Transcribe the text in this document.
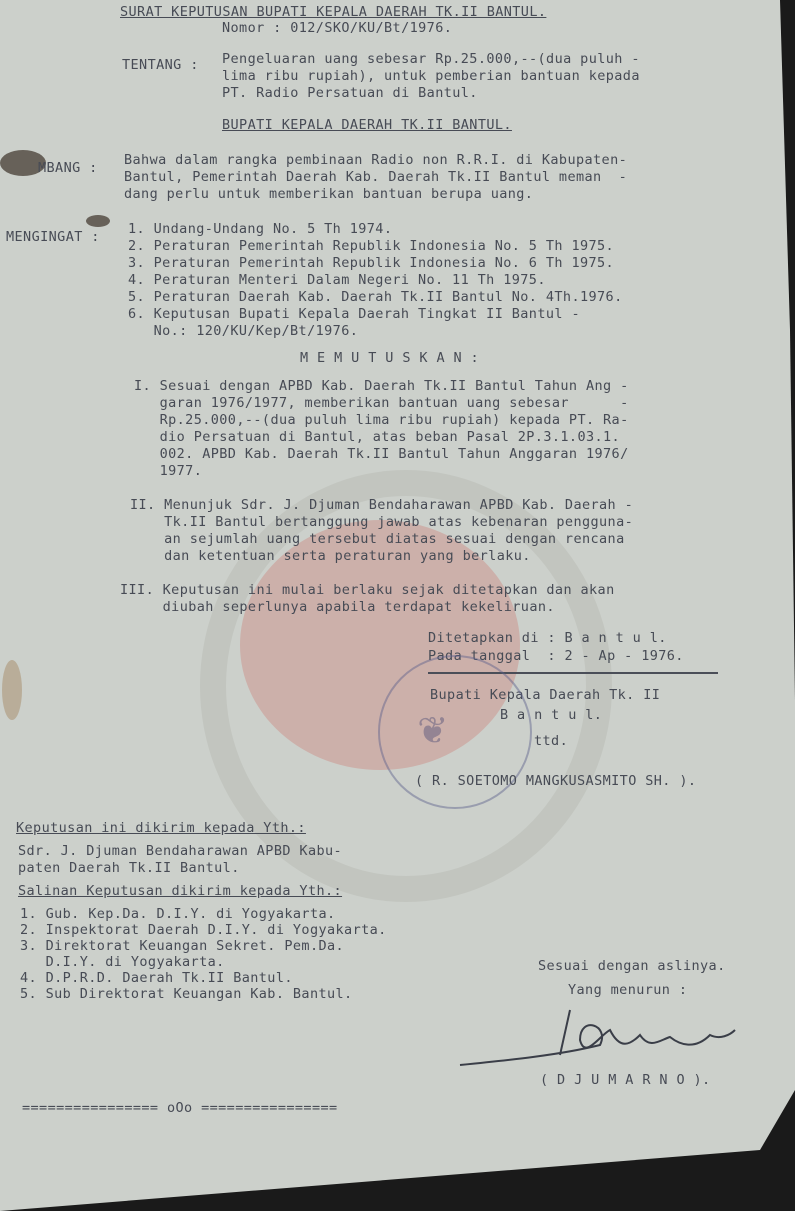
SURAT KEPUTUSAN BUPATI KEPALA DAERAH TK.II BANTUL.
Nomor : 012/SKO/KU/Bt/1976.
TENTANG : Pengeluaran uang sebesar Rp.25.000,--(dua puluh -
lima ribu rupiah), untuk pemberian bantuan kepada
PT. Radio Persatuan di Bantul.
BUPATI KEPALA DAERAH TK.II BANTUL.
MBANG : Bahwa dalam rangka pembinaan Radio non R.R.I. di Kabupaten-
Bantul, Pemerintah Daerah Kab. Daerah Tk.II Bantul meman  -
dang perlu untuk memberikan bantuan berupa uang.
MENGINGAT : 1. Undang-Undang No. 5 Th 1974.
2. Peraturan Pemerintah Republik Indonesia No. 5 Th 1975.
3. Peraturan Pemerintah Republik Indonesia No. 6 Th 1975.
4. Peraturan Menteri Dalam Negeri No. 11 Th 1975.
5. Peraturan Daerah Kab. Daerah Tk.II Bantul No. 4Th.1976.
6. Keputusan Bupati Kepala Daerah Tingkat II Bantul -
No.: 120/KU/Kep/Bt/1976.
M E M U T U S K A N :
I. Sesuai dengan APBD Kab. Daerah Tk.II Bantul Tahun Ang -
garan 1976/1977, memberikan bantuan uang sebesar      -
Rp.25.000,--(dua puluh lima ribu rupiah) kepada PT. Ra-
dio Persatuan di Bantul, atas beban Pasal 2P.3.1.03.1.
002. APBD Kab. Daerah Tk.II Bantul Tahun Anggaran 1976/
1977.
II. Menunjuk Sdr. J. Djuman Bendaharawan APBD Kab. Daerah -
Tk.II Bantul bertanggung jawab atas kebenaran pengguna-
an sejumlah uang tersebut diatas sesuai dengan rencana
dan ketentuan serta peraturan yang berlaku.
III. Keputusan ini mulai berlaku sejak ditetapkan dan akan
diubah seperlunya apabila terdapat kekeliruan.
Ditetapkan di : B a n t u l.
Pada tanggal  : 2 - Ap - 1976.
Bupati Kepala Daerah Tk. II
B a n t u l.
ttd.
❦
( R. SOETOMO MANGKUSASMITO SH. ).
Keputusan ini dikirim kepada Yth.:
Sdr. J. Djuman Bendaharawan APBD Kabu-
paten Daerah Tk.II Bantul.
Salinan Keputusan dikirim kepada Yth.:
1. Gub. Kep.Da. D.I.Y. di Yogyakarta.
2. Inspektorat Daerah D.I.Y. di Yogyakarta.
3. Direktorat Keuangan Sekret. Pem.Da.
D.I.Y. di Yogyakarta.
4. D.P.R.D. Daerah Tk.II Bantul.
5. Sub Direktorat Keuangan Kab. Bantul.
Sesuai dengan aslinya.
Yang menurun :
( D J U M A R N O ).
================ oOo ================
